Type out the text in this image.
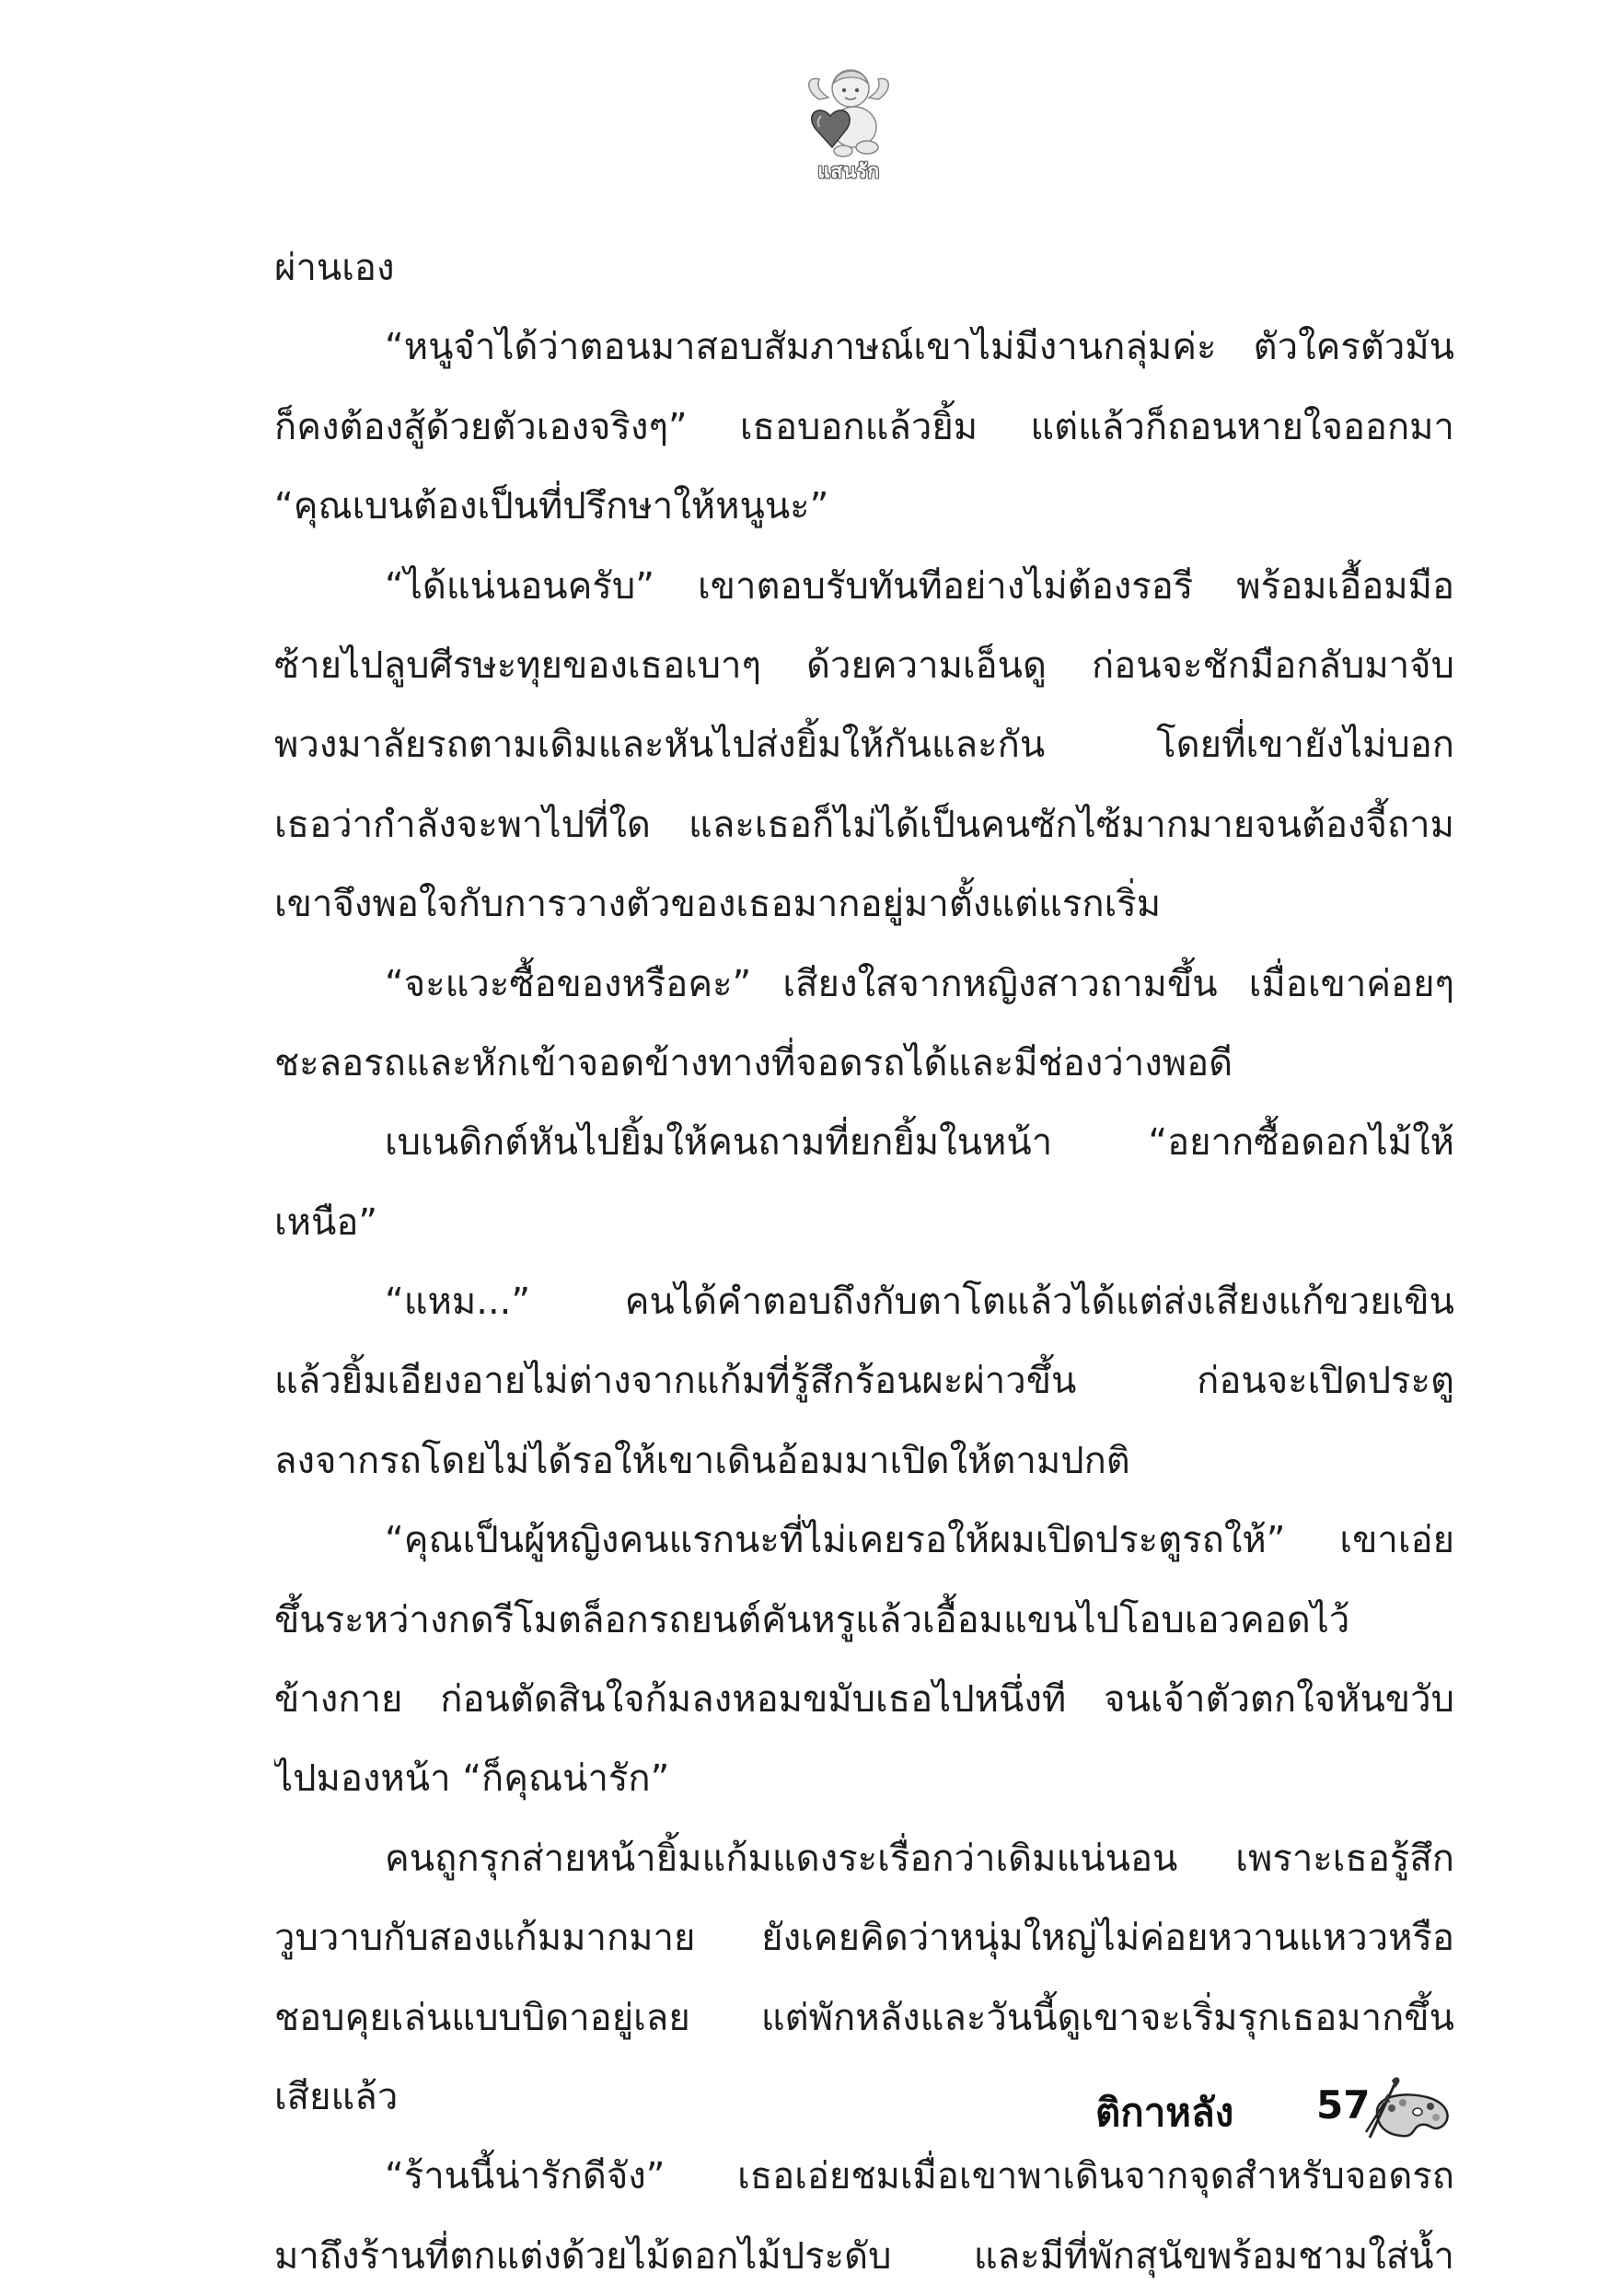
แสนรัก
ผ่านเอง
“หนูจำได้ว่าตอนมาสอบสัมภาษณ์เขาไม่มีงานกลุ่มค่ะ ตัวใครตัวมัน
ก็คงต้องสู้ด้วยตัวเองจริงๆ” เธอบอกแล้วยิ้ม แต่แล้วก็ถอนหายใจออกมา
“คุณเบนต้องเป็นที่ปรึกษาให้หนูนะ”
“ได้แน่นอนครับ” เขาตอบรับทันทีอย่างไม่ต้องรอรี พร้อมเอื้อมมือ
ซ้ายไปลูบศีรษะทุยของเธอเบาๆ ด้วยความเอ็นดู ก่อนจะชักมือกลับมาจับ
พวงมาลัยรถตามเดิมและหันไปส่งยิ้มให้กันและกัน โดยที่เขายังไม่บอก
เธอว่ากำลังจะพาไปที่ใด และเธอก็ไม่ได้เป็นคนซักไซ้มากมายจนต้องจี้ถาม
เขาจึงพอใจกับการวางตัวของเธอมากอยู่มาตั้งแต่แรกเริ่ม
“จะแวะซื้อของหรือคะ” เสียงใสจากหญิงสาวถามขึ้น เมื่อเขาค่อยๆ
ชะลอรถและหักเข้าจอดข้างทางที่จอดรถได้และมีช่องว่างพอดี
เบเนดิกต์หันไปยิ้มให้คนถามที่ยกยิ้มในหน้า “อยากซื้อดอกไม้ให้
เหนือ”
“แหม...” คนได้คำตอบถึงกับตาโตแล้วได้แต่ส่งเสียงแก้ขวยเขิน
แล้วยิ้มเอียงอายไม่ต่างจากแก้มที่รู้สึกร้อนผะผ่าวขึ้น ก่อนจะเปิดประตู
ลงจากรถโดยไม่ได้รอให้เขาเดินอ้อมมาเปิดให้ตามปกติ
“คุณเป็นผู้หญิงคนแรกนะที่ไม่เคยรอให้ผมเปิดประตูรถให้” เขาเอ่ย
ขึ้นระหว่างกดรีโมตล็อกรถยนต์คันหรูแล้วเอื้อมแขนไปโอบเอวคอดไว้
ข้างกาย ก่อนตัดสินใจก้มลงหอมขมับเธอไปหนึ่งที จนเจ้าตัวตกใจหันขวับ
ไปมองหน้า “ก็คุณน่ารัก”
คนถูกรุกส่ายหน้ายิ้มแก้มแดงระเรื่อกว่าเดิมแน่นอน เพราะเธอรู้สึก
วูบวาบกับสองแก้มมากมาย ยังเคยคิดว่าหนุ่มใหญ่ไม่ค่อยหวานแหววหรือ
ชอบคุยเล่นแบบบิดาอยู่เลย แต่พักหลังและวันนี้ดูเขาจะเริ่มรุกเธอมากขึ้น
เสียแล้ว
“ร้านนี้น่ารักดีจัง” เธอเอ่ยชมเมื่อเขาพาเดินจากจุดสำหรับจอดรถ
มาถึงร้านที่ตกแต่งด้วยไม้ดอกไม้ประดับ และมีที่พักสุนัขพร้อมชามใส่น้ำ
ติกาหลัง 57
